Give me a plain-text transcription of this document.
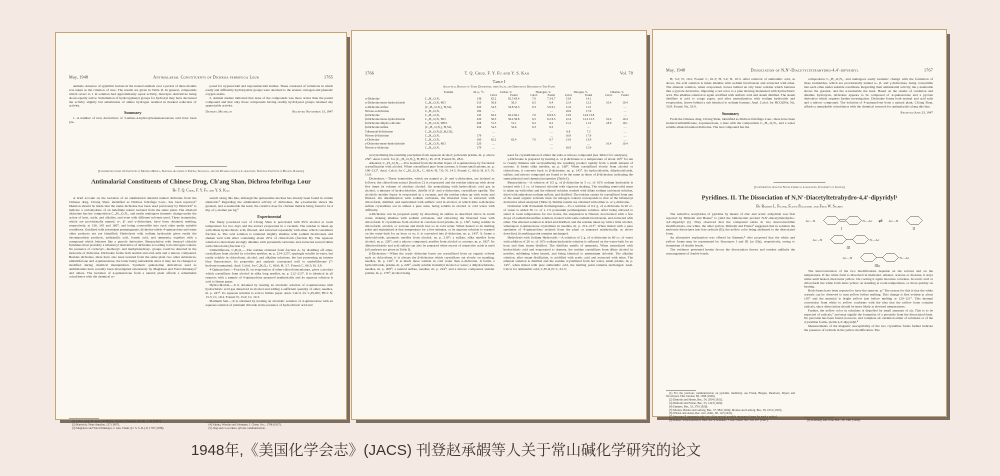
May, 1948	Antimalarial Constituents of Dichroa febrifuga Lour	1765

animals. Absence of syphilitic lesions in the treated animals over a period of three months was taken as the criterion of cure. The results are given in Table II. In general, compounds which revert to 1 in solution had approximately equal activity, mercapto derivatives being about equally active. Substitution of hydroxyphenyl groups for hydroxyl may have decreased the activity slightly but substitution of amino hydrogen resulted in marked reduction of activity.

Summary

1. A number of new derivatives of 3-amino-4-hydroxybenzenearsonous acid have been pre-

pared for trypanocidal and treponemacidal studies. These consisted of variations in which easily and difficultly hydrolyzable groups were attached to the arsenic, nitrogen and phenolic oxygen atoms.

2. Animal studies indicated that none of the compounds was more active than the parent compound and that only those compounds having readily hydrolyzed groups retained any appreciable activity.

Detroit, Michigan	Received November 13, 1947
[Contribution from the Institute of Materia Medica, National Academy of Peiping, Shanghai, and the Pharmacological Laboratory, National Institute of Health, Nanking]
Antimalarial Constituents of Chinese Drug, Ch'ang Shan, Dichroa febrifuga Lour
By T. Q. Chou, F. Y. Fu and Y. S. Kao

A brief account on the isolation of an antimalarial alkaloid named dichroine from the Chinese drug, Ch'ang Shan, identified as Dichroa febrifuga Lour., has been reported.¹ Mention should be made that the name dichroine has been used previously by Hartwich² to indicate a carbohydrate of an indefinite nature isolated from the same plant. The alkaloid dichroine has the composition C₁₆H₂₁O₂N₃, and easily undergoes isomeric change under the action of heat, acids, and alkalies, and even with different solvents used. These isomerides, which are provisionally named, α-, β- and γ-dichroines, have been obtained, melting, respectively, at 136, 145 and 160°, and being convertible into each other under suitable conditions. Oxidized with potassium permanganate, dichroine yields 4-quinazolone and some other products not yet identified. Hydrolysis with sodium hydroxide gives easily the decomposition products, anthranilic acid, formic acid, and ammonia, together with a compound which behaves like a pyrrole derivative. Benzoylation with benzoyl chloride furnishes most probably a tribenzoyl derivative of dichroine according to its nitrogen content. No presence of carboxyl-, methoxyl- and methylenedioxy- groups could be detected in the molecule of dichroine. Dichroine forms both normal and acid salts and a nitroso compound. Besides dichroine, there have also been isolated from the same plant two other substances, umbelliferone and 4-quinazolone, the latter being remarkable since it may not be changed or modified during chemical manipulation. Synthetic quinazoline derivatives used as antimalarials have recently been investigated extensively by Magidson and Yolovchinskaya³ and others. The isolation of 4-quinazolone from a natural plant affords a remarkable coincidence with the chemical re-

(1) Chou, Jang, Fu, Kao and Huang, Science (Chinese), 29, No. 1, 42 (1947).

(2) Hartwich, Neue Annalen, 127 (1907).

(3) Magidson and Yolovchinskaya, J. Gen. Chem. (U. S. S. R.), 8, 1797 (1938).

search along this line, although the quinazoline nucleus has already been found in certain alkaloids.⁴ Regarding the antimalarial activity of dichroines, the γ-isomeride shows the greatest, and α-isomeride the least; the curative dose for chicken malaria being found to be 4 mg. of γ-isomer per kg.⁵

Experimental

The finely powdered root of Ch'ang Shan is percolated with 95% alcohol at room temperature for two days and the extract evaporated in a vacuum. The residue is taken up with dilute hydrochloric acid, filtered, and extracted repeatedly with ether, which constitutes fraction A. The acid solution is rendered slightly alkaline with sodium bicarbonate and shaken well with ether containing about 20% of chloroform (fraction B). The aqueous solution is then made strongly alkaline with potassium carbonate and extracted several times with chloroform (fraction C).

Umbelliferone, C₉H₆O₃.—The residue obtained from fraction A, by distilling off ether, crystallizes from alcohol in colorless needles, m. p. 224–225°, sparingly soluble in water, but easily soluble in chloroform, alcohol, and alkaline solutions, the last possessing an intense blue fluorescence. Its properties and analysis correspond well to umbelliferone (7-hydroxycoumarine). Anal. Calcd. for C₉H₆O₃: C, 66.6; H, 3.7. Found: C, 66.5; H, 3.9.

4-Quinazolone.—Fraction B, on evaporation of ether-chloroform mixture, gives a product which crystallizes from alcohol in silky long needles, m. p. 212–213°. It is identical in all respects with a sample of 4-quinazolone prepared synthetically and its aqueous solution is acid to litmus paper.

Hydrochloride.—It is obtained by treating an alcoholic solution of 4-quinazolone with hydrochloric acid gas dissolved in alcohol and adding a sufficient quantity of ether; needles, m. p. 247°. Its aqueous solution is acid to litmus paper. Anal. Calcd. for C₈H₆ON₂·HCl: N, 15.3; Cl, 19.4. Found: N, 15.0; Cl, 19.3.

Platinum Salt.—It is obtained by treating an alcoholic solution of 4-quinazolone with an aqueous solution of platinum chloride in the presence of hydrochloric acid and

(4) Sakina, Wasche and Soltmann, J. Chem. Soc., 1798 (1937).

(5) Jang and co-workers, private communication.

1766	T. Q. Chou, F. Y. Fu and Y. S. Kao	Vol. 70
Table I
Analytical Results of These Dichroines, their Salts, and Derivatives Described in This Paper
	Formula	M. p., °C.	Carbon, %		Hydrogen, %		Nitrogen, %		Chlorine, %	
			Calcd.	Found	Calcd.	Found	Calcd.	Found	Calcd.	Found
α-Dichroine	C₁₆H₂₁O₂N₃	136	62.2	62.5 63.4	7.0	7.3 6.7	13.9	14.1		
α-Dichroine mono-hydrochloride	C₁₆H₂₁O₂N₃·HCl	210	56.6	56.3	6.5	6.4	12.4	12.2	10.4	10.4
α-Dichroine sulfate	(C₁₆H₂₁O₂N₃)₂·H₂SO₄	220	54.3	54.8 54.3	6.3	5.9 6.1	11.9	11.5		…
Nitroso-α-dichroine	C₁₆H₂₀O₃N₄	182	…			…	16.9	17.9		…
β-Dichroine	C₁₆H₂₁O₂N₃	145	62.2	62.2 62.1	7.0	6.9 6.5	13.9	14.0 13.8		…
β-Dichroine mono-hydrochloride	C₁₆H₂₁O₂N₃·HCl	220	56.3	56.4 56.8	6.5	6.2 6.3	12.4	12.2 12.3	10.4	10.4
β-Dichroine dihydro-chloride	C₁₆H₂₁O₂N₃·2HCl	208	51.5	51.1	6.2	6.2	11.2	11.3	18.9	19.1
β-Dichroine sulfate	(C₁₆H₂₁O₂N₃)₂·H₂SO₄	224	54.3	54.6	6.3	6.3		…		…
Tribenzoyl-β-dichroine	C₁₆H₁₈O₂N₃(C₆H₅CO)₃		…			…	6.8	7.2		…
Nitroso-β-dichroine	C₁₆H₂₀O₃N₄	179	…			…	16.9	17.9		…
γ-Dichroine	C₁₆H₂₁O₂N₃	160	62.2	62.4	7.0	6.7	13.9	13.9		…
γ-Dichroine mono-hydrochloride	C₁₆H₂₁O₂N₃·HCl	220	…			…		…	10.4	10.4
Nitroso-γ-dichroine	C₁₆H₂₀O₃N₄	179	…			…	16.9	15.9		

recrystallizing the resulting precipitate from aqueous alcohol; yellowish prisms, m. p. above 250°. Anal. Calcd. for (C₁₆H₂₁O₂N₃)₂·H₂PtCl₆: Pt, 27.8. Found: Pt, 28.0.

Alkaloid, C₁₆H₂₁O₂N₃.—It is isolated from the mother liquor of 4-quinazolone by fractional crystallization with alcohol. When crystallized pure from acetone, it forms small prisms, m. p. 190–212°. Anal. Calcd. for C₁₆H₂₁O₂N₃: C, 66.4; H, 7.0; N, 14.5. Found: C, 66.0; H, 6.7; N, 13.9.

Dichroines.—These isomerides, which are named α-, β- and γ-dichroines, are isolated as follows: the chloroform extract (fraction C) is evaporated and the residue taken up with about five times its volume of absolute alcohol. On neutralizing with hydrochloric acid gas in alcohol, a mixture of hydrochlorides, chiefly of β- and γ-dichroines, crystallizes rapidly. The alcoholic mother liquor is evaporated in a vacuum, and the residue taken up with water and filtered. On alkalinization with sodium carbonate, the liberated base is extracted with chloroform, distilled, and neutralized with sulfuric acid in alcohol, at which time α-dichroine sulfate crystallizes out in almost a pure state, being soluble in alcohol or cold water with difficulty.

α-Dichroine can be prepared easily by dissolving its sulfate as described above in warm water, making alkaline with sodium carbonate, and extracting the liberated base with chloroform. It crystallizes from alcohol in colorless hard prisms, m. p. 136°, being soluble in chloroform, alcohol, or acetone and much less so in cold water. When heated to its melting point and maintained at that temperature for a few minutes, or its aqueous solution is warmed on the water-bath for an hour or so, it is converted into β-dichroine, m. p. 145°. It forms a hydrochloride, prismatic needles from alcohol, m. p. 210°; a sulfate, silky needles from alcohol, m. p. 220°; and a nitroso compound, needles from alcohol or acetone, m. p. 182°. Its dihydrochloride and acid sulfate can also be prepared when excess of respective acids is used (all analyses are given in Table I).

β-Dichroine.—When the crude dichroine bases are crystallized from an organic solvent such as chloroform, it is always the β-dichroine which crystallizes out slowly on standing; needles, m. p. 145°. It is much more soluble in cold water than α-dichroine. It forms a hydrochloride, prisms, m. p. 220°, easily soluble in methyl alcohol or water; a dihydrochloride, needles, m. p. 208°; a neutral sulfate, needles, m. p. 224°; and a nitroso compound, slender prisms, m. p. 179°; alcohol being

used for crystallization of either the salts or nitroso compound (see Table I for analyses).

γ-Dichroine is prepared by heating α- or β-dichroine to a temperature of about 165° for ten to twenty minutes and recrystallizing the resulting product rapidly from a small amount of acetone. It forms silky needles, m. p. 160°. When crystallized slowly from alcohol or chloroform, it converts back to β-dichroine, m. p. 145°. Its hydrochloride, dihydrochloride, sulfate, and nitroso compound are found to be the same as those of β-dichroine, indicating the same physical and chemical properties (Table I).

Benzoylation.—A solution of 0.5 g. of β-dichroine in 5 cc. of 10% sodium hydroxide is treated with 1.5 cc. of benzoyl chloride with vigorous shaking. The resulting semi-solid mass is taken up with ether and the ethereal solution washed with dilute sodium carbonate solution, dried with anhydrous sodium sulfate, and distilled. The residue cannot be crystallized from any of the usual organic solvents tried. Its nitrogen content corresponds to that of the tribenzoyl derivative when analyzed (Table I). Similar results are obtained with either α- or γ-dichroine.

Oxidation with Potassium Permanganate.—To a solution of 0.2 g. of α-dichroine in 20 cc. of water is added 50 cc. of a 1% potassium permanganate solution. After being allowed to stand at room temperature for two hours, the suspension is filtered, decolorized with a few drops of sodium thiosulfate solution, treated with some sodium bicarbonate, and extracted with ether. The ethereal solution is dried and distilled, and the residue taken up with a little alcohol, whereupon 4-quinazolone crystallizes in needles, m. p. 212–213°. When mixed with a pure specimen of 4-quinazolone isolated from the plant or prepared synthetically, as above described, its melting point remains unchanged.

Hydrolysis with Sodium Hydroxide.—A solution of 2 g. of α-dichroine in 60 cc. of water with addition of 20 cc. of 10% sodium hydroxide solution is refluxed on the water-bath for an hour and then steam distilled. The distillate smells of ammonia. When neutralized with hydrochloric acid and evaporated to dryness, the residue crystallizes from dilute alcohol in needles, subliming when heated, and being identical to ammonium chloride. The alkaline solution, after steam distillation, is acidified with acetic acid and extracted with ether. The ethereal solution is distilled and the residue crystallized from hot water, small prisms, m. p. 145°, when mixed with pure anthranilic acid, the melting point remains unchanged. Anal. Calcd. for anthranilic acid, C₇H₇O₂N: C, 61.3;

May, 1948	Dissociation of N,N′-Diacetyltetrahydro-4,4′-dipyridyl	1767

H, 5.2; N, 10.2. Found: C, 61.3; H, 5.4; N, 10.3. After removal of anthranilic acid, as above, the acid solution is made alkaline with sodium bicarbonate and extracted with ether. The ethereal solution, when evaporated, leaves behind an oily basic residue which behaves like a pyrrole derivative, imparting a red color to a pine shaving moistened with hydrochloric acid. The alkaline solution is again acidified with sulfuric acid and steam distilled. The steam distillate is acid to congo paper, and after neutralization with sodium hydroxide and evaporation, leaves behind a salt identical to sodium formate. Anal. Calcd. for HCOONa: Na, 33.8. Found: Na, 33.9.

Summary

From the Chinese drug, Ch'ang Shan, identified as Dichroa febrifuga Lour., there have been isolated umbelliferone, 4-quinazolone, a base with the composition C₁₆H₂₁O₂N₃, and a water soluble alkaloid named dichroine. The last compound has the

composition C₁₆H₂₁O₂N₃, and undergoes easily isomeric change with the formation of three isomerides, which are provisionally named α-, β- and γ-dichroines, being convertible into each other under suitable conditions. Regarding their antimalarial activity, the γ-isomeride shows the greatest, and the α-isomeride the least. Based on the results of oxidation and alkaline hydrolysis, dichroine appears to be composed of 4-quinazolone and a pyrrole derivative which requires further investigation. Dichroine forms both normal and acid salts and a nitroso compound. The isolation of 4-quinazolone from a natural plant, Ch'ang Shan, affords a remarkable coincidence with the chemical research for antimalarials along this line.

Received June 23, 1947
[Contribution from the Noyes Chemical Laboratory, University of Illinois]
Pyridines. II. The Dissociation of N,N′-Diacetyltetrahydro-4,4′-dipyridyl¹
By Robert L. Frank, Floyd Pelletier and Fred W. Starks

The reductive acetylation of pyridine by means of zinc and acetic anhydride was first reported by Dimroth and Heene² to yield the bimolecular product N,N′-diacetyltetrahydro-4,4′-dipyridyl (I). They observed that the compound exists in two interconvertible modifications, one white, the other yellow. Dimroth and Frister³ suggested that in solution the molecule dissociates into free radicals (II), the yellow color being attributed to the dissociated form.

An alternative explanation was offered by Emmert,⁴ who proposed that the white and yellow forms may be represented by Structures I and III (or IIIa), respectively, owing to isomerism of double bonds.

The evidence presented herein favors the dissociation theory and renders unlikely the rearrangement of double bonds.

(1) For the previous communication on pyridine chemistry, see Frank, Blegen, Dearborn, Myers and Woodward, This Journal, 68, 1368 (1946).

(2) Dimroth and Heene, Ber., 54, 2934 (1921).

(3) Dimroth and Frister, Ber., 55, 1223 (1922).

(4) Emmert, Ber., 53, 370 (1920).

(5) Montes, Busler and Ludwig, Ber., 57, 982 (1924); Montes and Ludwig, Ber., 58, 1031 (1925).

(6) Wibaut and Arens, Rec. trav. chim., 60, 112 (1941).

(7) Structure II represents only one of the several possible resonance forms for such a radical.

(8) Kainer, Schwarzenbach, Bent and Schomaker, J. Am. Chem. Soc., 69, 457 (1947).

Ac—N	N—Ac
I
⇌ Ac—N
II
Ac—N	N—Ac
III
Ac—N	N—Ac
IIIa

The interconversion of the two modifications depends on the solvent and on the temperature. If the white form is dissolved in methanol, ethanol, acetone or dioxane, it stays white until heated, then turns yellow. On cooling it again becomes colorless. In acetic acid or chloroform the white form turns yellow on standing at room temperature, or more quickly on heating.

Both forms have been reported to have the same m. p.² The reason for this is that the white crystals can be observed to turn yellow before melting. This change is first evident at about 105° and the material is bright yellow just before melting at 120–121°. This thermal conversion from white to yellow conforms with the idea that the yellow form contains radicals, since dissociation should be more likely at elevated temperatures.

Further, the yellow color in solutions is dispelled by small amounts of air. This is to be expected of radicals,⁷ and may signify the formation of a peroxide from the dissociated form. No peroxide has been found, however, and complete air oxidation either of solutions or of the crystalline forms, yields 4,4′-dipyridyl.⁸

Measurements of the magnetic susceptibility of the two crystalline forms further indicate the presence of radicals in the yellow modification. The

(9) Gomberg and Cone, Ber., 39, 1461 (1906).

1948年,《美国化学会志》(JACS) 刊登赵承嘏等人关于常山碱化学研究的论文
